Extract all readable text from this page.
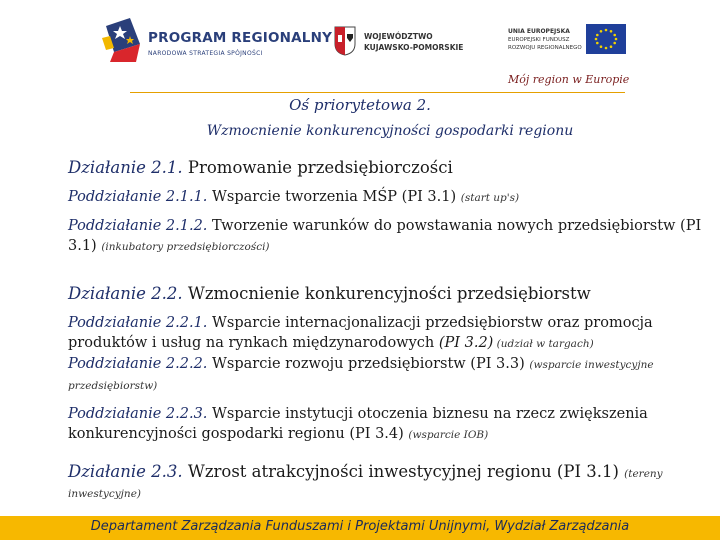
PROGRAM REGIONALNY
NARODOWA STRATEGIA SPÓJNOŚCI
WOJEWÓDZTWO
KUJAWSKO-POMORSKIE
UNIA EUROPEJSKA
EUROPEJSKI FUNDUSZ
ROZWOJU REGIONALNEGO
Mój region w Europie
Oś priorytetowa 2.
Wzmocnienie konkurencyjności gospodarki regionu

Działanie 2.1. Promowanie przedsiębiorczości

Poddziałanie 2.1.1. Wsparcie tworzenia MŚP (PI 3.1) (start up's)

Poddziałanie 2.1.2. Tworzenie warunków do powstawania nowych przedsiębiorstw (PI 3.1) (inkubatory przedsiębiorczości)

Działanie 2.2. Wzmocnienie konkurencyjności przedsiębiorstw

Poddziałanie 2.2.1. Wsparcie internacjonalizacji przedsiębiorstw oraz promocja produktów i usług na rynkach międzynarodowych (PI 3.2) (udział w targach)

Poddziałanie 2.2.2. Wsparcie rozwoju przedsiębiorstw (PI 3.3) (wsparcie inwestycyjne przedsiębiorstw)

Poddziałanie 2.2.3. Wsparcie instytucji otoczenia biznesu na rzecz zwiększenia konkurencyjności gospodarki regionu (PI 3.4) (wsparcie IOB)

Działanie 2.3. Wzrost atrakcyjności inwestycyjnej regionu (PI 3.1) (tereny inwestycyjne)

Departament Zarządzania Funduszami i Projektami Unijnymi, Wydział Zarządzania
